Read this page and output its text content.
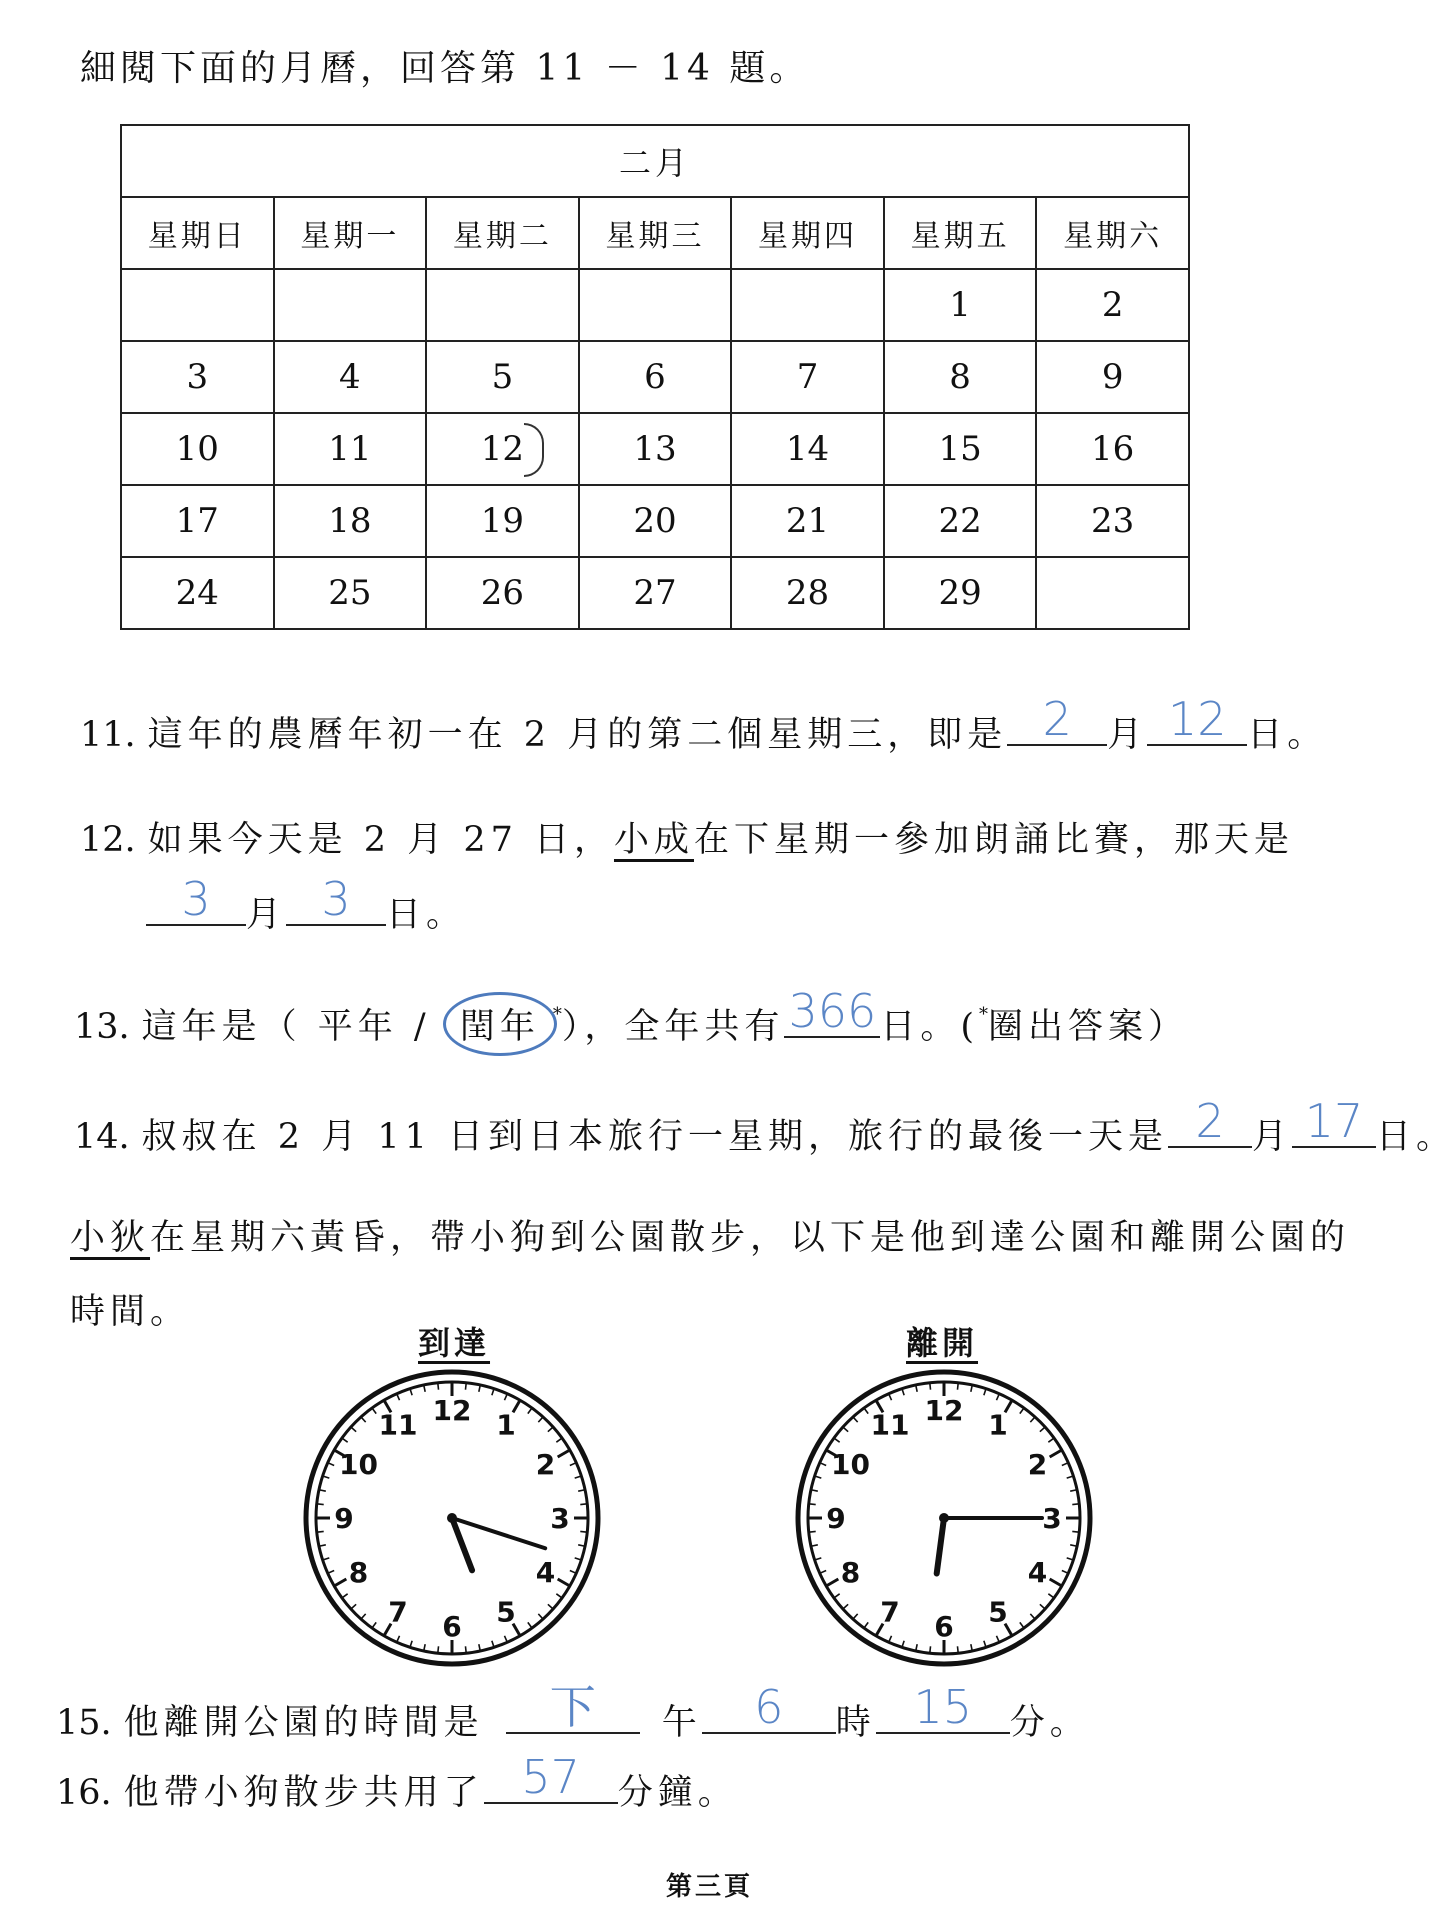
細閱下面的月曆，回答第 11 － 14 題。
二月						
星期日	星期一	星期二	星期三	星期四	星期五	星期六
					1	2
3	4	5	6	7	8	9
10	11	12	13	14	15	16
17	18	19	20	21	22	23
24	25	26	27	28	29	
11. 這年的農曆年初一在 2 月的第二個星期三，即是 2	月 12 日。
12. 如果今天是 2 月 27 日，小成在下星期一參加朗誦比賽，那天是
3	月 3	日。
13. 這年是（ 平年 / 閏年 *），全年共有 366 日。(*圈出答案）
14. 叔叔在 2 月 11 日到日本旅行一星期，旅行的最後一天是 2 月 17 日。
小狄在星期六黃昏，帶小狗到公園散步，以下是他到達公園和離開公園的
時間。
到達
12 1
2
3
4
5
6
7
8
9
10
11
離開
12 1
2
3
4
5
6
7
8
9
10
11
15. 他離開公園的時間是	下	午	6	時 15	分。
16. 他帶小狗散步共用了 57	分鐘。
第三頁
